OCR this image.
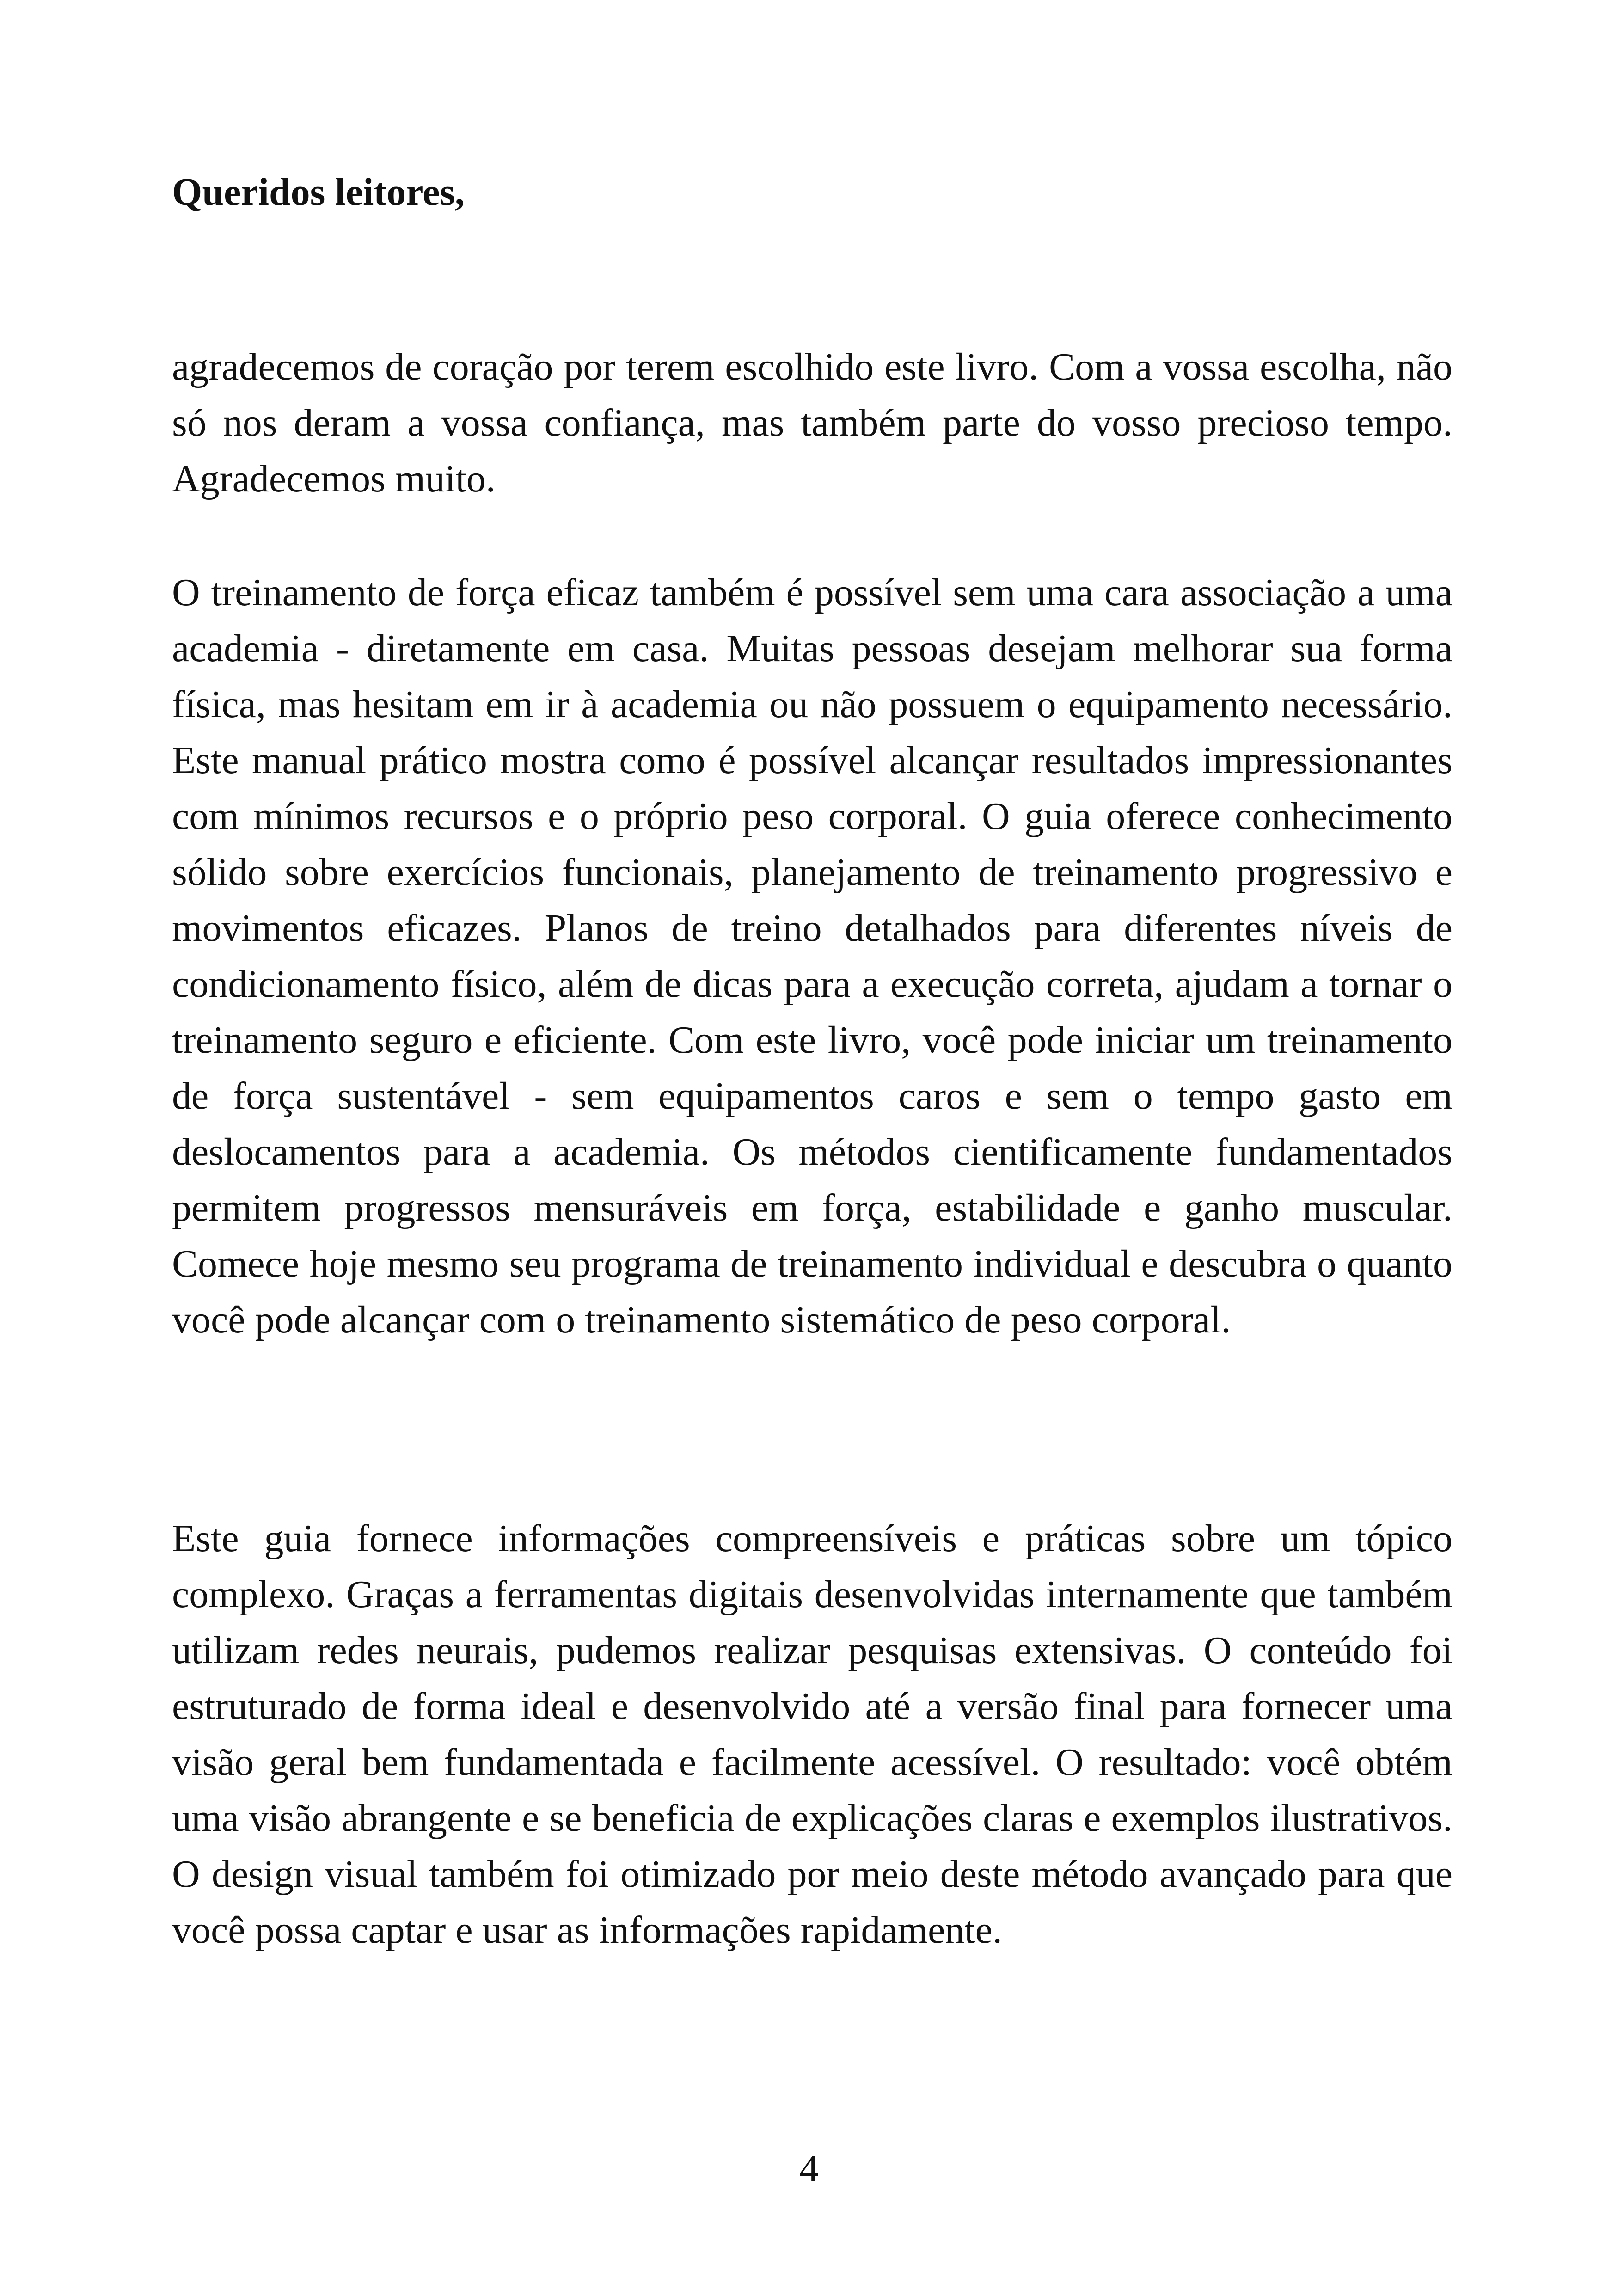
Queridos leitores,

agradecemos de coração por terem escolhido este livro. Com a vossa escolha, não só nos deram a vossa confiança, mas também parte do vosso precioso tempo. Agradecemos muito.

O treinamento de força eficaz também é possível sem uma cara associação a uma academia - diretamente em casa. Muitas pessoas desejam melhorar sua forma física, mas hesitam em ir à academia ou não possuem o equipamento necessário. Este manual prático mostra como é possível alcançar resultados impressionantes com mínimos recursos e o próprio peso corporal. O guia oferece conhecimento sólido sobre exercícios funcionais, planejamento de treinamento progressivo e movimentos eficazes. Planos de treino detalhados para diferentes níveis de condicionamento físico, além de dicas para a execução correta, ajudam a tornar o treinamento seguro e eficiente. Com este livro, você pode iniciar um treinamento de força sustentável - sem equipamentos caros e sem o tempo gasto em deslocamentos para a academia. Os métodos cientificamente fundamentados permitem progressos mensuráveis em força, estabilidade e ganho muscular. Comece hoje mesmo seu programa de treinamento individual e descubra o quanto você pode alcançar com o treinamento sistemático de peso corporal.

Este guia fornece informações compreensíveis e práticas sobre um tópico complexo. Graças a ferramentas digitais desenvolvidas internamente que também utilizam redes neurais, pudemos realizar pesquisas extensivas. O conteúdo foi estruturado de forma ideal e desenvolvido até a versão final para fornecer uma visão geral bem fundamentada e facilmente acessível. O resultado: você obtém uma visão abrangente e se beneficia de explicações claras e exemplos ilustrativos. O design visual também foi otimizado por meio deste método avançado para que você possa captar e usar as informações rapidamente.

4
